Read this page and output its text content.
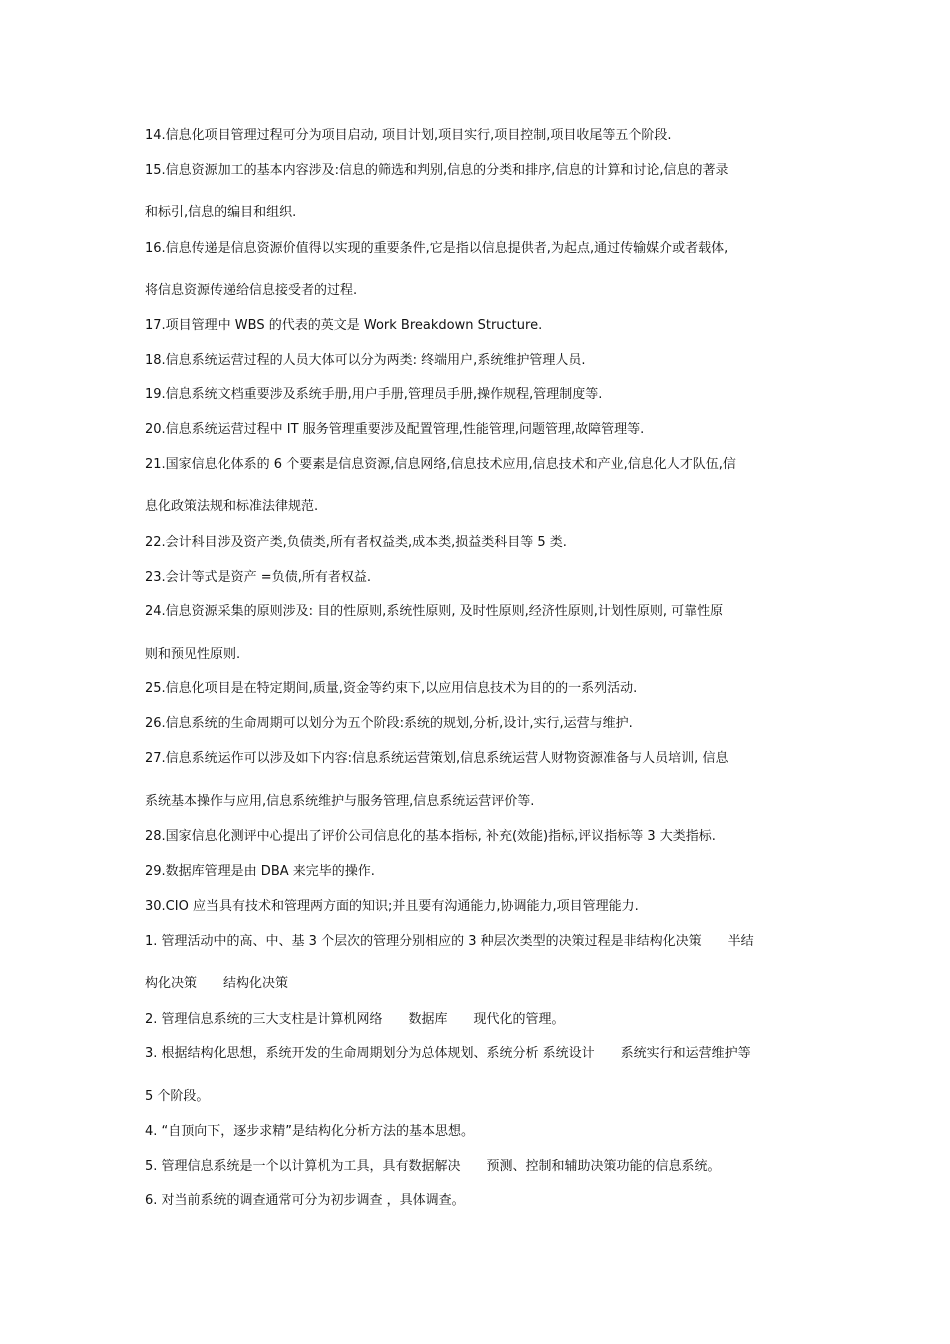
14.信息化项目管理过程可分为项目启动, 项目计划,项目实行,项目控制,项目收尾等五个阶段.
15.信息资源加工的基本内容涉及:信息的筛选和判别,信息的分类和排序,信息的计算和讨论,信息的著录
和标引,信息的编目和组织.
16.信息传递是信息资源价值得以实现的重要条件,它是指以信息提供者,为起点,通过传输媒介或者载体,
将信息资源传递给信息接受者的过程.
17.项目管理中 WBS 的代表的英文是 Work Breakdown Structure.
18.信息系统运营过程的人员大体可以分为两类: 终端用户,系统维护管理人员.
19.信息系统文档重要涉及系统手册,用户手册,管理员手册,操作规程,管理制度等.
20.信息系统运营过程中 IT 服务管理重要涉及配置管理,性能管理,问题管理,故障管理等.
21.国家信息化体系的 6 个要素是信息资源,信息网络,信息技术应用,信息技术和产业,信息化人才队伍,信
息化政策法规和标准法律规范.
22.会计科目涉及资产类,负债类,所有者权益类,成本类,损益类科目等 5 类.
23.会计等式是资产 =负债,所有者权益.
24.信息资源采集的原则涉及: 目的性原则,系统性原则, 及时性原则,经济性原则,计划性原则, 可靠性原
则和预见性原则.
25.信息化项目是在特定期间,质量,资金等约束下,以应用信息技术为目的的一系列活动.
26.信息系统的生命周期可以划分为五个阶段:系统的规划,分析,设计,实行,运营与维护.
27.信息系统运作可以涉及如下内容:信息系统运营策划,信息系统运营人财物资源准备与人员培训, 信息
系统基本操作与应用,信息系统维护与服务管理,信息系统运营评价等.
28.国家信息化测评中心提出了评价公司信息化的基本指标, 补充(效能)指标,评议指标等 3 大类指标.
29.数据库管理是由 DBA 来完毕的操作.
30.CIO 应当具有技术和管理两方面的知识;并且要有沟通能力,协调能力,项目管理能力.
1. 管理活动中的高、中、基 3 个层次的管理分别相应的 3 种层次类型的决策过程是非结构化决策　　半结
构化决策　　结构化决策
2. 管理信息系统的三大支柱是计算机网络　　数据库　　现代化的管理。
3. 根据结构化思想，系统开发的生命周期划分为总体规划、系统分析 系统设计　　系统实行和运营维护等
5 个阶段。
4. “自顶向下，逐步求精”是结构化分析方法的基本思想。
5. 管理信息系统是一个以计算机为工具，具有数据解决　　预测、控制和辅助决策功能的信息系统。
6. 对当前系统的调查通常可分为初步调查 ，具体调查。
